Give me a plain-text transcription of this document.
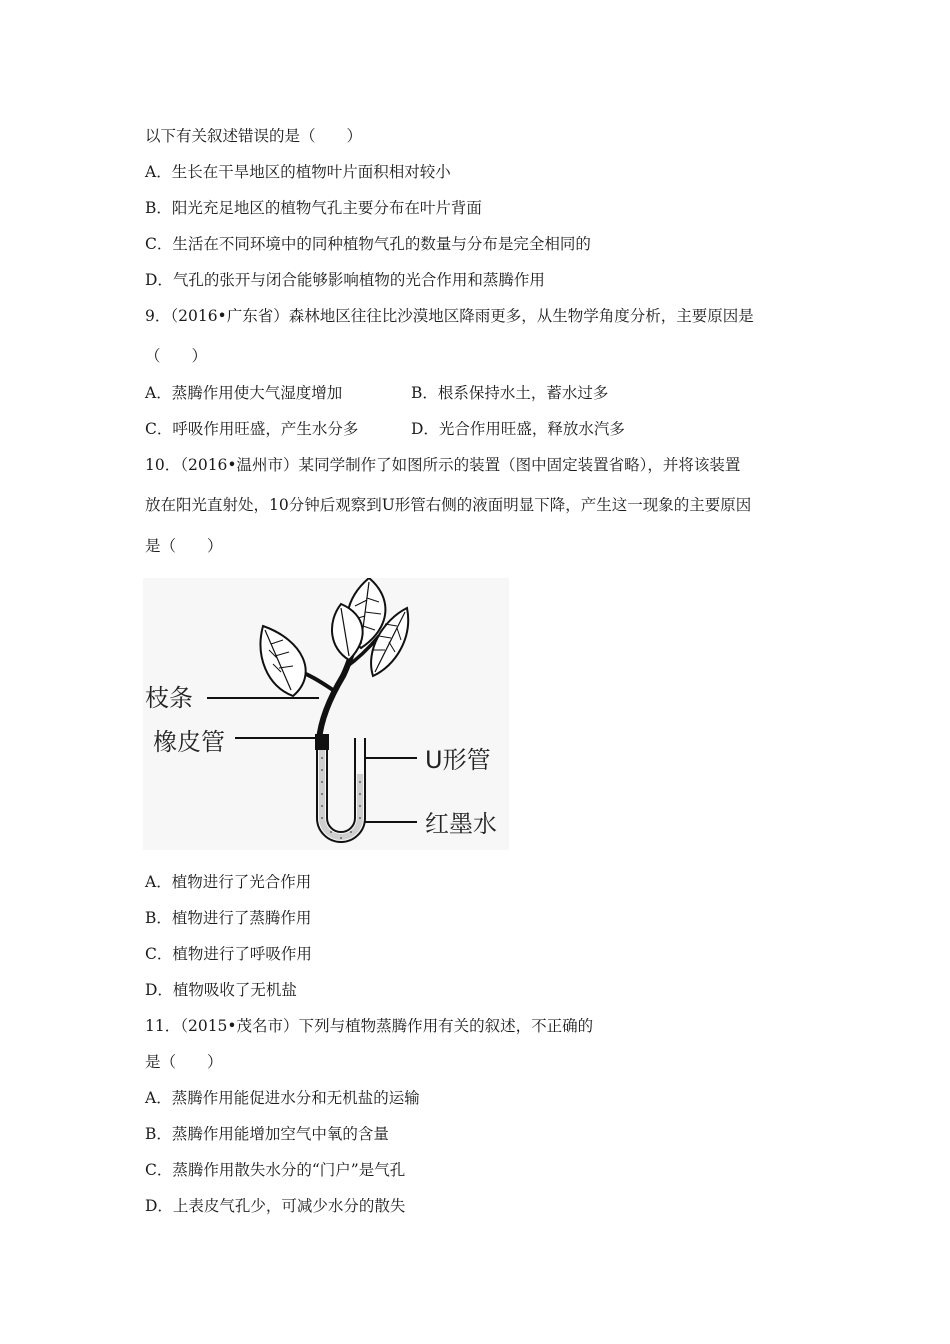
以下有关叙述错误的是（　　）
A．生长在干旱地区的植物叶片面积相对较小
B．阳光充足地区的植物气孔主要分布在叶片背面
C．生活在不同环境中的同种植物气孔的数量与分布是完全相同的
D．气孔的张开与闭合能够影响植物的光合作用和蒸腾作用
9．（2016•广东省）森林地区往往比沙漠地区降雨更多，从生物学角度分析，主要原因是
（　　）
A．蒸腾作用使大气湿度增加	B．根系保持水土，蓄水过多
C．呼吸作用旺盛，产生水分多	D．光合作用旺盛，释放水汽多
10．（2016•温州市）某同学制作了如图所示的装置（图中固定装置省略），并将该装置
放在阳光直射处，10分钟后观察到U形管右侧的液面明显下降，产生这一现象的主要原因
是（　　）
枝条
橡皮管
U形管
红墨水
A．植物进行了光合作用
B．植物进行了蒸腾作用
C．植物进行了呼吸作用
D．植物吸收了无机盐
11．（2015•茂名市）下列与植物蒸腾作用有关的叙述，不正确的
是（　　）
A．蒸腾作用能促进水分和无机盐的运输
B．蒸腾作用能增加空气中氧的含量
C．蒸腾作用散失水分的“门户”是气孔
D．上表皮气孔少，可减少水分的散失
